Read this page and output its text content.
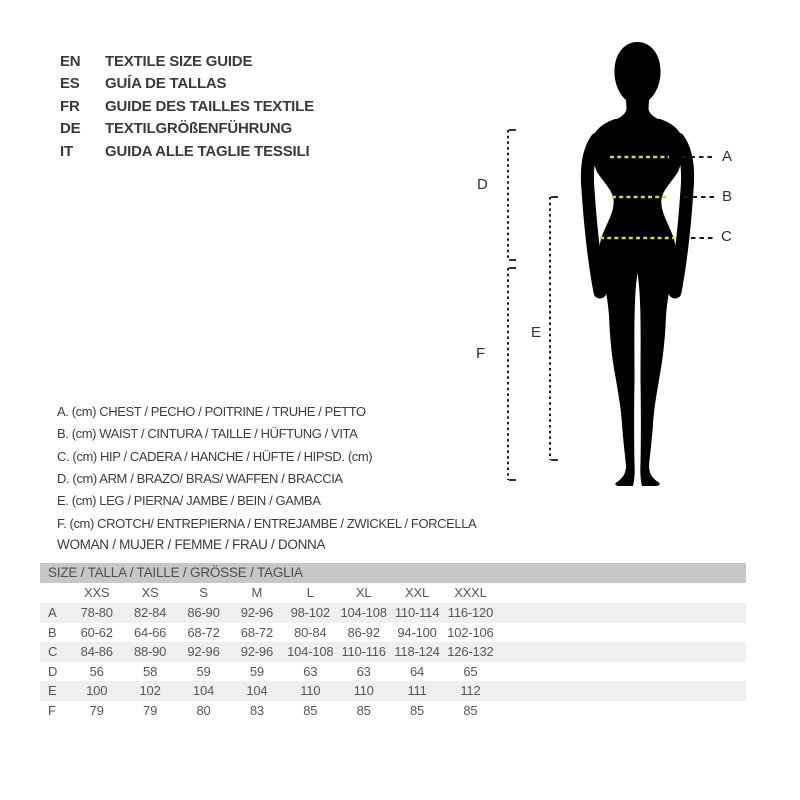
EN	TEXTILE SIZE GUIDE
ES	GUÍA DE TALLAS
FR	GUIDE DES TAILLES TEXTILE
DE	TEXTILGRÖßENFÜHRUNG
IT	GUIDA ALLE TAGLIE TESSILI	A
B
C
D
E
F
A. (cm) CHEST / PECHO / POITRINE / TRUHE / PETTO
B. (cm) WAIST / CINTURA / TAILLE / HÜFTUNG / VITA
C. (cm) HIP / CADERA / HANCHE / HÜFTE / HIPSD. (cm)
D. (cm) ARM / BRAZO/ BRAS/ WAFFEN / BRACCIA
E. (cm) LEG / PIERNA/ JAMBE / BEIN / GAMBA
F. (cm) CROTCH/ ENTREPIERNA / ENTREJAMBE / ZWICKEL / FORCELLA
WOMAN / MUJER / FEMME / FRAU / DONNA
SIZE / TALLA / TAILLE / GRÖSSE / TAGLIA
XXS	XS	S	M	L	XL	XXL	XXXL
A	78-80	82-84	86-90	92-96	98-102 104-108 110-114 116-120
B	60-62	64-66	68-72	68-72	80-84	86-92	94-100 102-106
C	84-86	88-90	92-96	92-96	104-108 110-116 118-124 126-132
D	56	58	59	59	63	63	64	65
E	100	102	104	104	110	110	111	112
F	79	79	80	83	85	85	85	85
